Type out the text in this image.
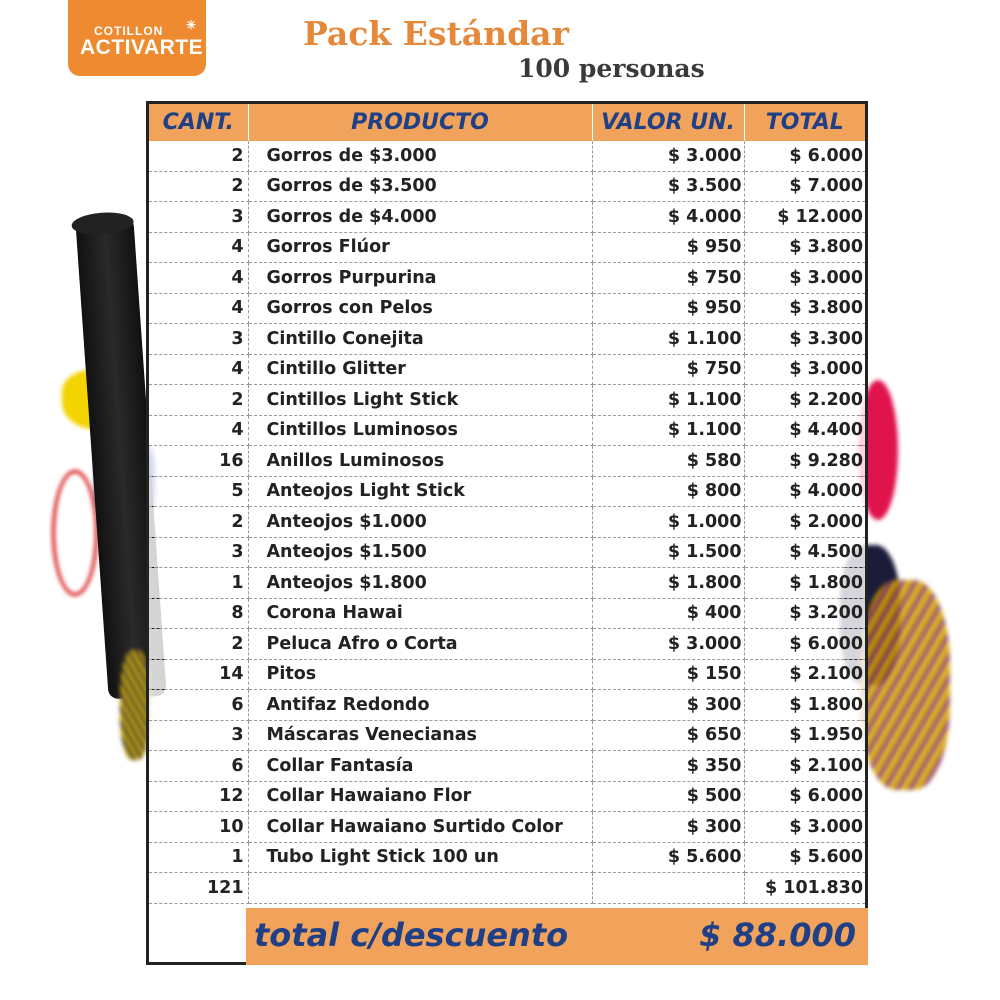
COTILLON ✳
ACTIVARTE	Pack Estándar
100 personas
CANT.	PRODUCTO	VALOR UN.	TOTAL
2	Gorros de $3.000	$ 3.000	$ 6.000
2	Gorros de $3.500	$ 3.500	$ 7.000
3	Gorros de $4.000	$ 4.000	$ 12.000
4	Gorros Flúor	$ 950	$ 3.800
4	Gorros Purpurina	$ 750	$ 3.000
4	Gorros con Pelos	$ 950	$ 3.800
3	Cintillo Conejita	$ 1.100	$ 3.300
4	Cintillo Glitter	$ 750	$ 3.000
2	Cintillos Light Stick	$ 1.100	$ 2.200
4	Cintillos Luminosos	$ 1.100	$ 4.400
16	Anillos Luminosos	$ 580	$ 9.280
5	Anteojos Light Stick	$ 800	$ 4.000
2	Anteojos $1.000	$ 1.000	$ 2.000
3	Anteojos $1.500	$ 1.500	$ 4.500
1	Anteojos $1.800	$ 1.800	$ 1.800
8	Corona Hawai	$ 400	$ 3.200
2	Peluca Afro o Corta	$ 3.000	$ 6.000
14	Pitos	$ 150	$ 2.100
6	Antifaz Redondo	$ 300	$ 1.800
3	Máscaras Venecianas	$ 650	$ 1.950
6	Collar Fantasía	$ 350	$ 2.100
12	Collar Hawaiano Flor	$ 500	$ 6.000
10	Collar Hawaiano Surtido Color	$ 300	$ 3.000
1	Tubo Light Stick 100 un	$ 5.600	$ 5.600
121			$ 101.830
total c/descuento	$ 88.000
